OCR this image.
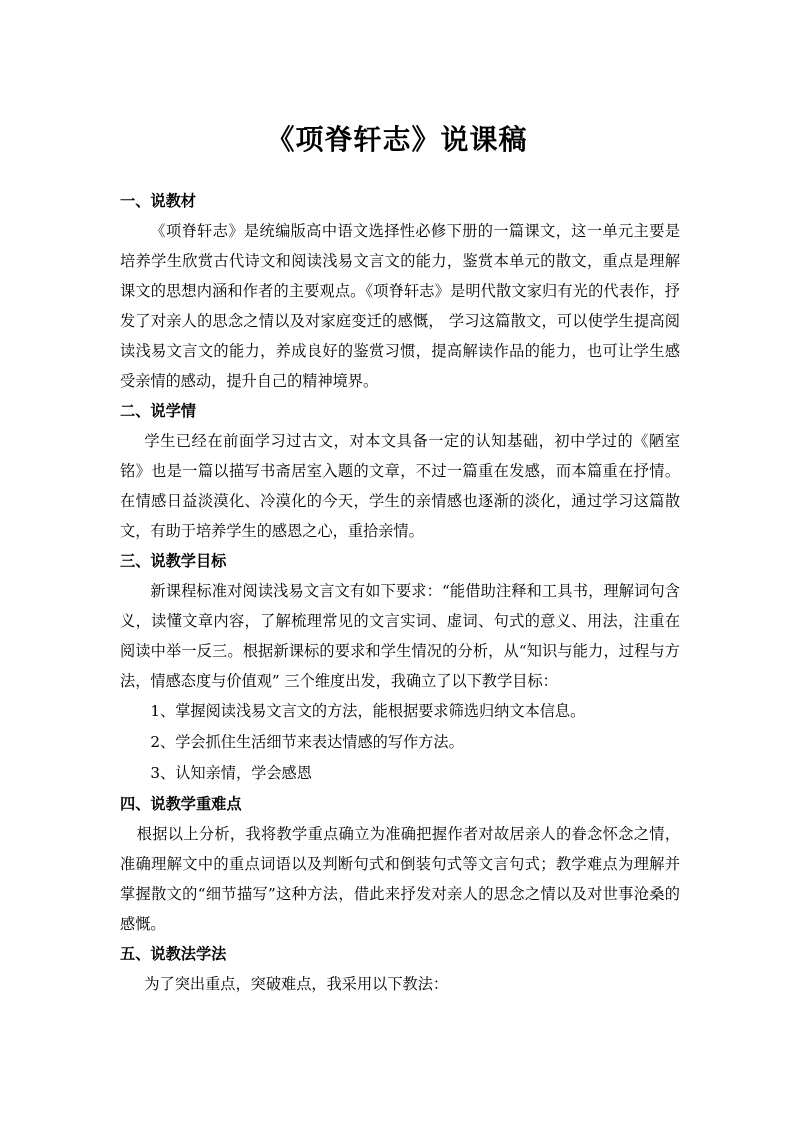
《项脊轩志》说课稿

一、说教材

《项脊轩志》是统编版高中语文选择性必修下册的一篇课文，这一单元主要是培养学生欣赏古代诗文和阅读浅易文言文的能力，鉴赏本单元的散文，重点是理解课文的思想内涵和作者的主要观点。《项脊轩志》是明代散文家归有光的代表作，抒发了对亲人的思念之情以及对家庭变迁的感慨， 学习这篇散文，可以使学生提高阅读浅易文言文的能力，养成良好的鉴赏习惯，提高解读作品的能力，也可让学生感受亲情的感动，提升自己的精神境界。

二、说学情

学生已经在前面学习过古文，对本文具备一定的认知基础，初中学过的《陋室铭》也是一篇以描写书斋居室入题的文章，不过一篇重在发感，而本篇重在抒情。在情感日益淡漠化、冷漠化的今天，学生的亲情感也逐渐的淡化，通过学习这篇散文，有助于培养学生的感恩之心，重拾亲情。

三、说教学目标

新课程标准对阅读浅易文言文有如下要求：“能借助注释和工具书，理解词句含义，读懂文章内容，了解梳理常见的文言实词、虚词、句式的意义、用法，注重在阅读中举一反三。根据新课标的要求和学生情况的分析，从“知识与能力，过程与方法，情感态度与价值观” 三个维度出发，我确立了以下教学目标：

1、掌握阅读浅易文言文的方法，能根据要求筛选归纳文本信息。

2、学会抓住生活细节来表达情感的写作方法。

3、认知亲情，学会感恩

四、说教学重难点

根据以上分析，我将教学重点确立为准确把握作者对故居亲人的眷念怀念之情，准确理解文中的重点词语以及判断句式和倒装句式等文言句式；教学难点为理解并掌握散文的“细节描写”这种方法，借此来抒发对亲人的思念之情以及对世事沧桑的感慨。

五、说教法学法

为了突出重点，突破难点，我采用以下教法：
